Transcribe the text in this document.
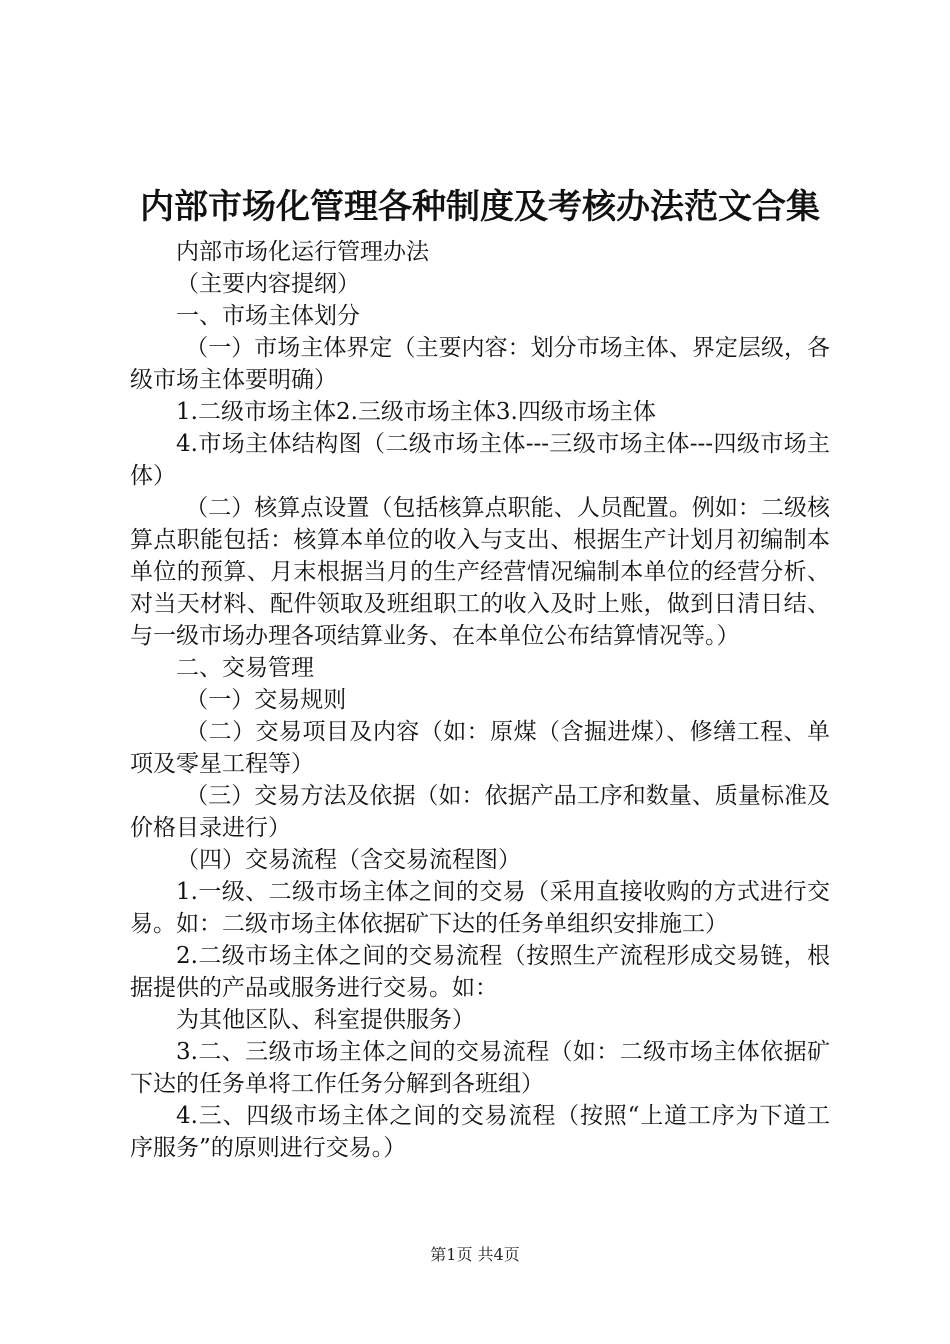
内部市场化管理各种制度及考核办法范文合集

内部市场化运行管理办法

（主要内容提纲）

一、市场主体划分

（一）市场主体界定（主要内容：划分市场主体、界定层级，各级市场主体要明确）

1.二级市场主体2.三级市场主体3.四级市场主体

4.市场主体结构图（二级市场主体---三级市场主体---四级市场主体）

（二）核算点设置（包括核算点职能、人员配置。例如：二级核算点职能包括：核算本单位的收入与支出、根据生产计划月初编制本单位的预算、月末根据当月的生产经营情况编制本单位的经营分析、对当天材料、配件领取及班组职工的收入及时上账，做到日清日结、与一级市场办理各项结算业务、在本单位公布结算情况等。）

二、交易管理

（一）交易规则

（二）交易项目及内容（如：原煤（含掘进煤）、修缮工程、单项及零星工程等）

（三）交易方法及依据（如：依据产品工序和数量、质量标准及价格目录进行）

（四）交易流程（含交易流程图）

1.一级、二级市场主体之间的交易（采用直接收购的方式进行交易。如：二级市场主体依据矿下达的任务单组织安排施工）

2.二级市场主体之间的交易流程（按照生产流程形成交易链，根据提供的产品或服务进行交易。如：

为其他区队、科室提供服务）

3.二、三级市场主体之间的交易流程（如：二级市场主体依据矿下达的任务单将工作任务分解到各班组）

4.三、四级市场主体之间的交易流程（按照“上道工序为下道工序服务”的原则进行交易。）

第1页 共4页
